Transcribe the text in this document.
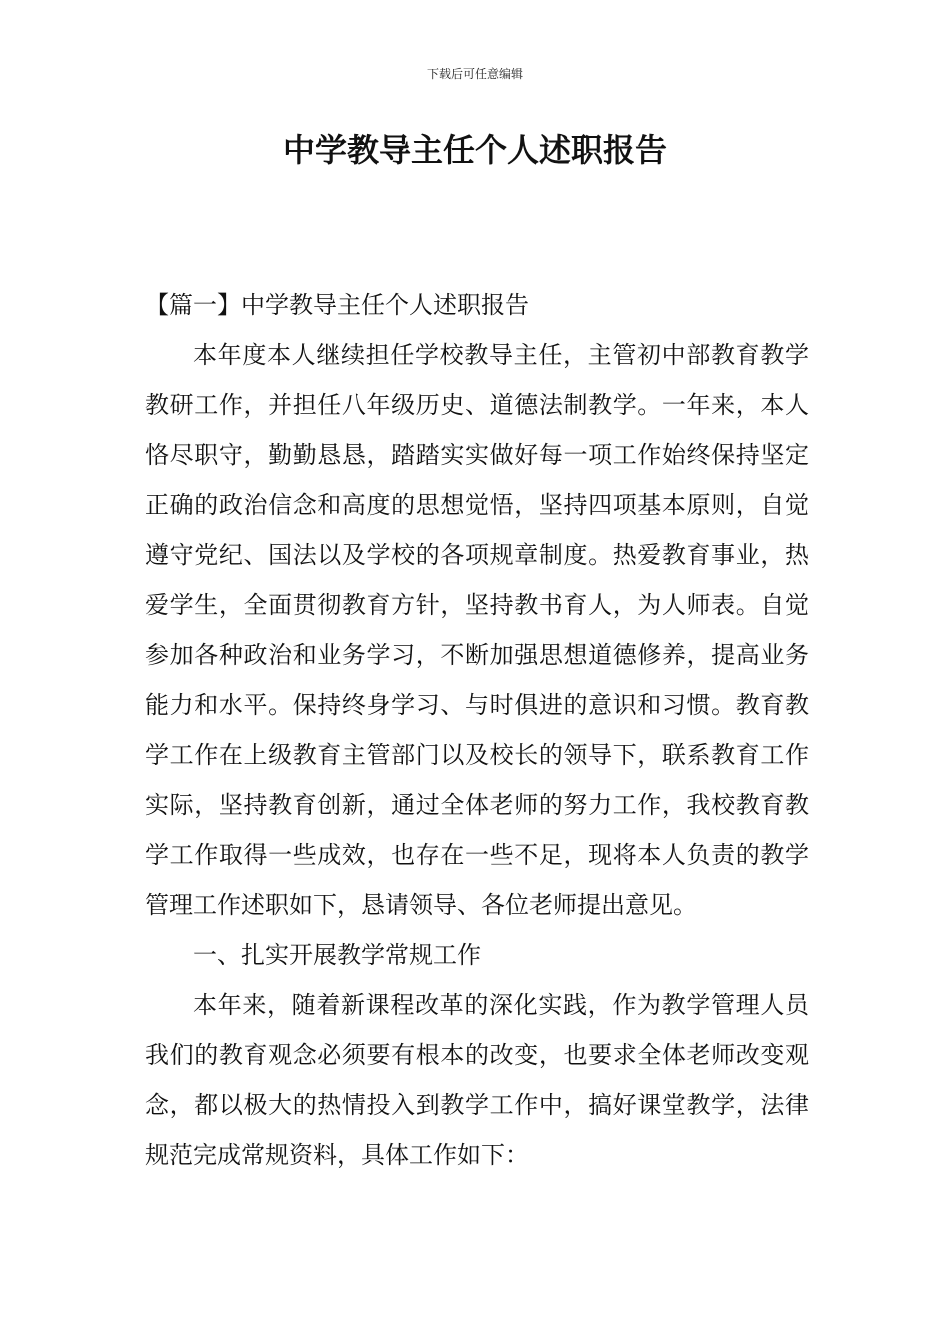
下载后可任意编辑
中学教导主任个人述职报告

【篇一】中学教导主任个人述职报告

本年度本人继续担任学校教导主任，主管初中部教育教学教研工作，并担任八年级历史、道德法制教学。一年来，本人恪尽职守，勤勤恳恳，踏踏实实做好每一项工作始终保持坚定正确的政治信念和高度的思想觉悟，坚持四项基本原则，自觉遵守党纪、国法以及学校的各项规章制度。热爱教育事业，热爱学生，全面贯彻教育方针，坚持教书育人，为人师表。自觉参加各种政治和业务学习，不断加强思想道德修养，提高业务能力和水平。保持终身学习、与时俱进的意识和习惯。教育教学工作在上级教育主管部门以及校长的领导下，联系教育工作实际，坚持教育创新，通过全体老师的努力工作，我校教育教学工作取得一些成效，也存在一些不足，现将本人负责的教学管理工作述职如下，恳请领导、各位老师提出意见。

一、扎实开展教学常规工作

本年来，随着新课程改革的深化实践，作为教学管理人员我们的教育观念必须要有根本的改变，也要求全体老师改变观念，都以极大的热情投入到教学工作中，搞好课堂教学，法律规范完成常规资料，具体工作如下：
